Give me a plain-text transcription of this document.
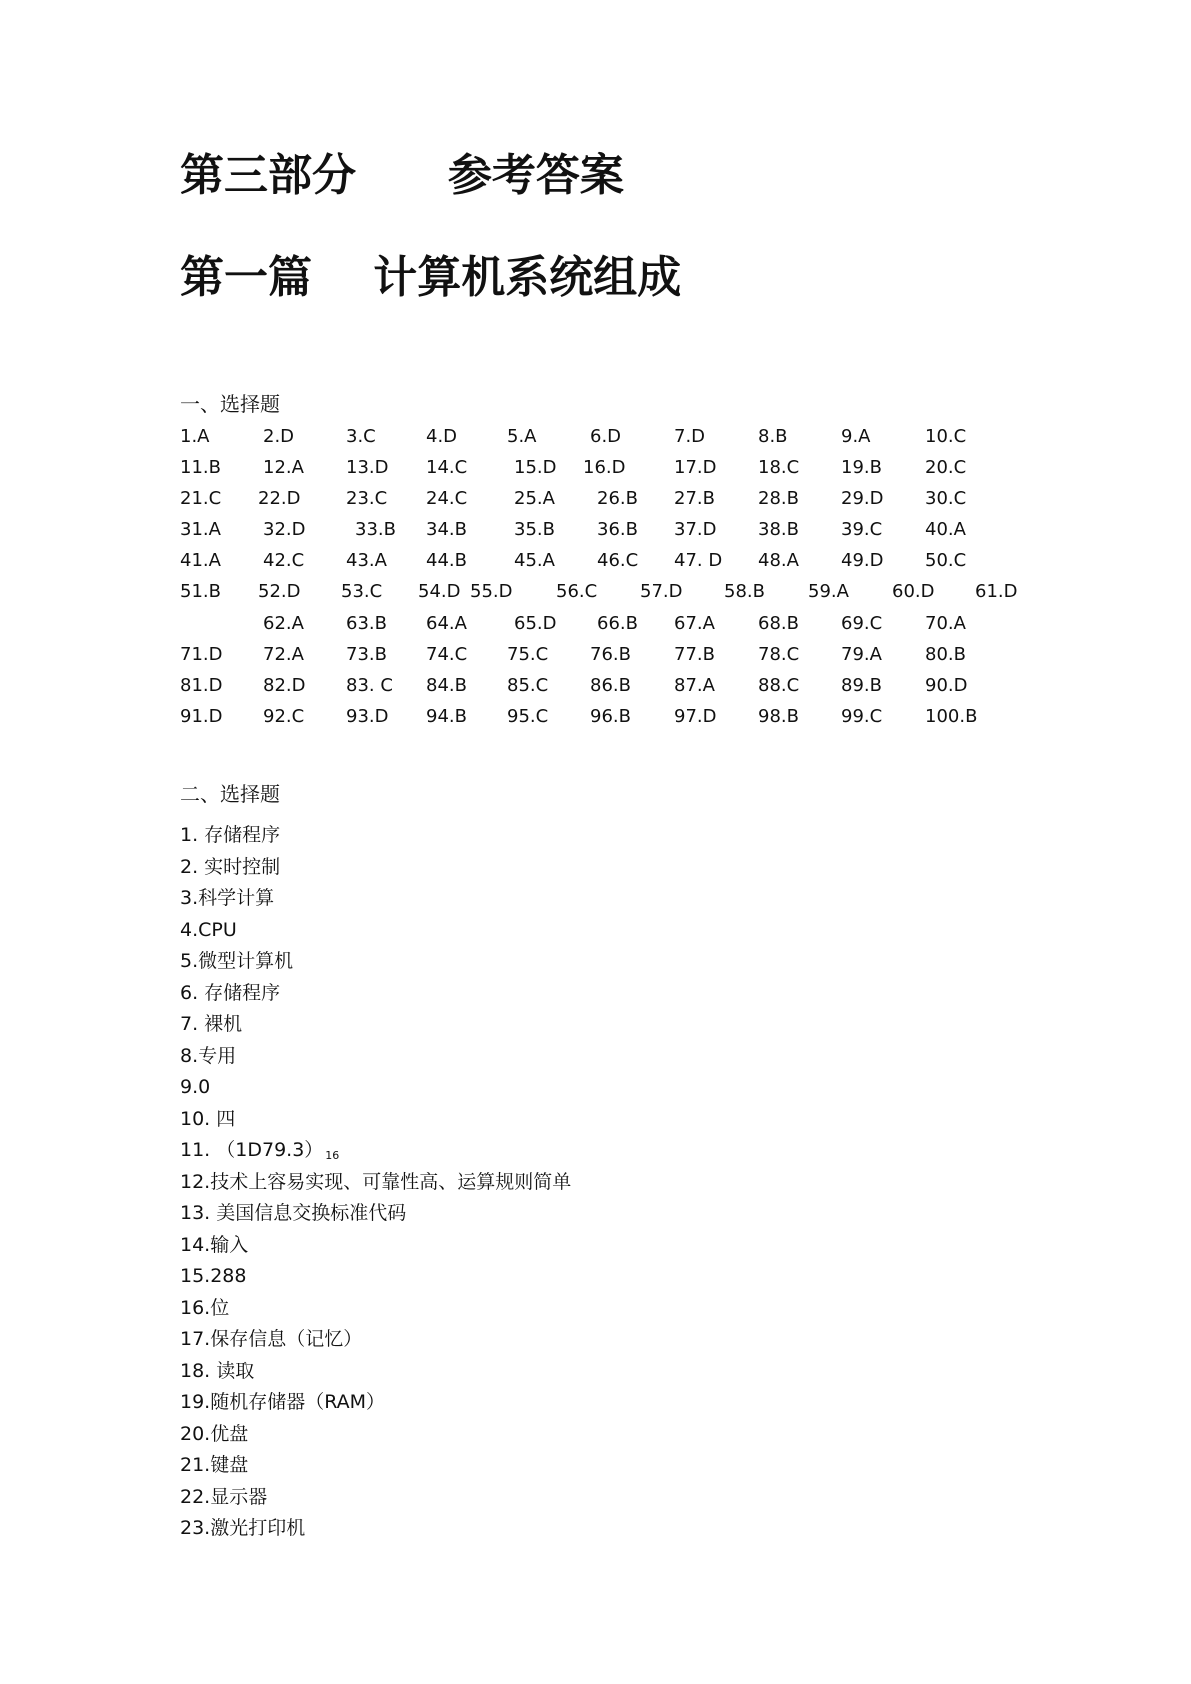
第三部分      参考答案
第一篇    计算机系统组成
一、选择题
1.A	2.D	3.C	4.D	5.A	6.D	7.D	8.B	9.A	10.C
11.B 12.A 13.D 14.C	15.D 16.D	17.D 18.C 19.B 20.C
21.C 22.D	23.C 24.C	25.A 26.B 27.B 28.B 29.D 30.C
31.A 32.D	33.B 34.B	35.B 36.B 37.D 38.B 39.C 40.A
41.A 42.C 43.A 44.B	45.A 46.C 47. D 48.A 49.D 50.C
51.B 52.D 53.C 54.D 55.D 56.C 57.D 58.B 59.A 60.D 61.D
62.A 63.B 64.A	65.D 66.B 67.A 68.B 69.C 70.A
71.D 72.A 73.B 74.C 75.C 76.B 77.B 78.C 79.A 80.B
81.D 82.D 83. C 84.B 85.C 86.B 87.A 88.C 89.B 90.D
91.D 92.C 93.D 94.B 95.C 96.B 97.D 98.B 99.C 100.B
二、选择题
1. 存储程序
2. 实时控制
3.科学计算
4.CPU
5.微型计算机
6. 存储程序
7. 裸机
8.专用
9.0
10. 四
11. （1D79.3） $_{16}$
12.技术上容易实现、可靠性高、运算规则简单
13. 美国信息交换标准代码
14.输入
15.288
16.位
17.保存信息（记忆）
18. 读取
19.随机存储器（RAM）
20.优盘
21.键盘
22.显示器
23.激光打印机
